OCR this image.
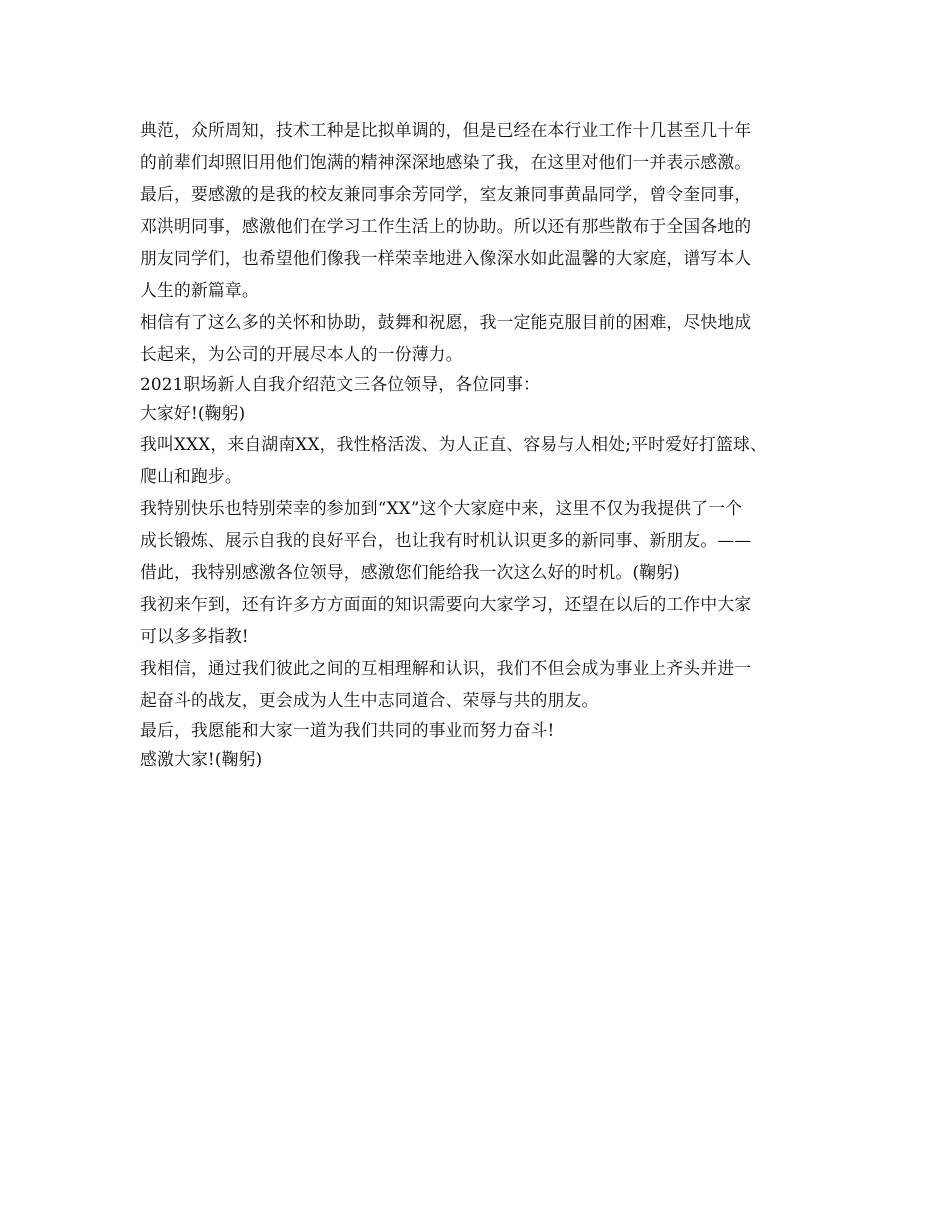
典范，众所周知，技术工种是比拟单调的，但是已经在本行业工作十几甚至几十年
的前辈们却照旧用他们饱满的精神深深地感染了我，在这里对他们一并表示感激。
最后，要感激的是我的校友兼同事余芳同学，室友兼同事黄晶同学，曾令奎同事，
邓洪明同事，感激他们在学习工作生活上的协助。所以还有那些散布于全国各地的
朋友同学们，也希望他们像我一样荣幸地进入像深水如此温馨的大家庭，谱写本人
人生的新篇章。
相信有了这么多的关怀和协助，鼓舞和祝愿，我一定能克服目前的困难，尽快地成
长起来，为公司的开展尽本人的一份薄力。
2021职场新人自我介绍范文三各位领导，各位同事：
大家好!(鞠躬)
我叫XXX，来自湖南XX，我性格活泼、为人正直、容易与人相处;平时爱好打篮球、
爬山和跑步。
我特别快乐也特别荣幸的参加到“XX”这个大家庭中来，这里不仅为我提供了一个
成长锻炼、展示自我的良好平台，也让我有时机认识更多的新同事、新朋友。——
借此，我特别感激各位领导，感激您们能给我一次这么好的时机。(鞠躬)
我初来乍到，还有许多方方面面的知识需要向大家学习，还望在以后的工作中大家
可以多多指教!
我相信，通过我们彼此之间的互相理解和认识，我们不但会成为事业上齐头并进一
起奋斗的战友，更会成为人生中志同道合、荣辱与共的朋友。
最后，我愿能和大家一道为我们共同的事业而努力奋斗!
感激大家!(鞠躬)
